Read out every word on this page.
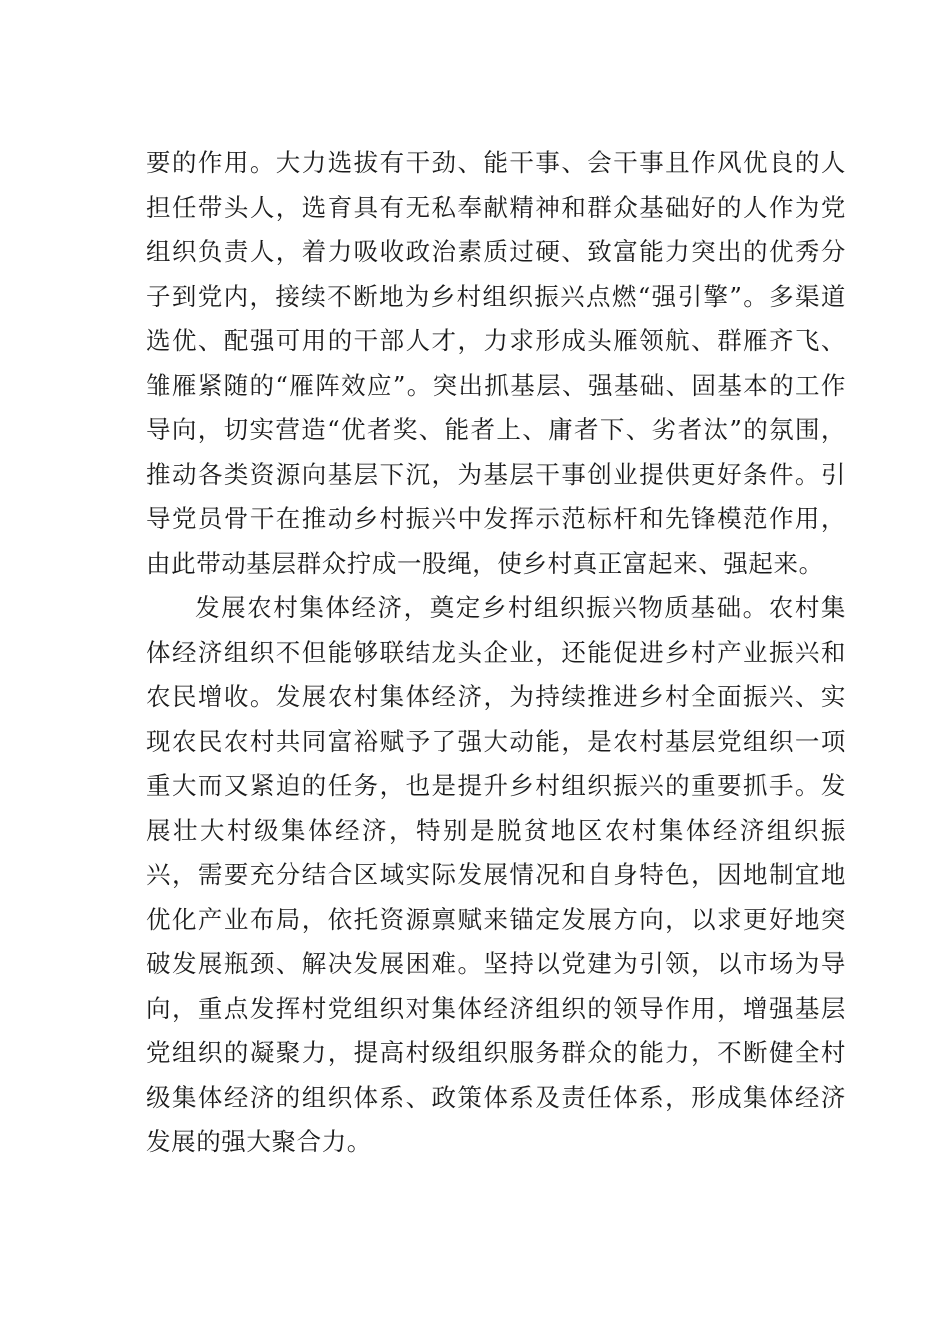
要的作用。大力选拔有干劲、能干事、会干事且作风优良的人担任带头人，选育具有无私奉献精神和群众基础好的人作为党组织负责人，着力吸收政治素质过硬、致富能力突出的优秀分子到党内，接续不断地为乡村组织振兴点燃“强引擎”。多渠道选优、配强可用的干部人才，力求形成头雁领航、群雁齐飞、雏雁紧随的“雁阵效应”。突出抓基层、强基础、固基本的工作导向，切实营造“优者奖、能者上、庸者下、劣者汰”的氛围，推动各类资源向基层下沉，为基层干事创业提供更好条件。引导党员骨干在推动乡村振兴中发挥示范标杆和先锋模范作用，由此带动基层群众拧成一股绳，使乡村真正富起来、强起来。

发展农村集体经济，奠定乡村组织振兴物质基础。农村集体经济组织不但能够联结龙头企业，还能促进乡村产业振兴和农民增收。发展农村集体经济，为持续推进乡村全面振兴、实现农民农村共同富裕赋予了强大动能，是农村基层党组织一项重大而又紧迫的任务，也是提升乡村组织振兴的重要抓手。发展壮大村级集体经济，特别是脱贫地区农村集体经济组织振兴，需要充分结合区域实际发展情况和自身特色，因地制宜地优化产业布局，依托资源禀赋来锚定发展方向，以求更好地突破发展瓶颈、解决发展困难。坚持以党建为引领，以市场为导向，重点发挥村党组织对集体经济组织的领导作用，增强基层党组织的凝聚力，提高村级组织服务群众的能力，不断健全村级集体经济的组织体系、政策体系及责任体系，形成集体经济发展的强大聚合力。
